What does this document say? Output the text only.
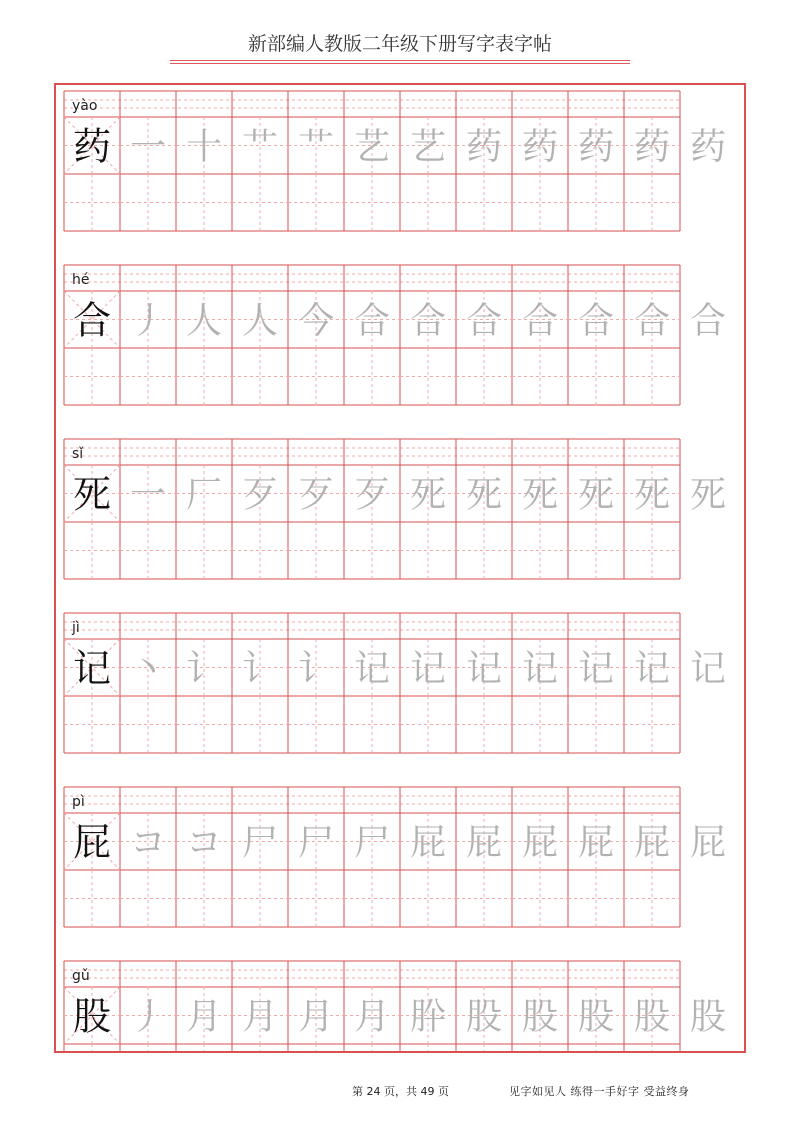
新部编人教版二年级下册写字表字帖
yào
药 一 十 艹 艹 艺 艺 药 药 药 药 药
hé
合 丿 人 人 今 合 合 合 合 合 合 合
sǐ
死 一 厂 歹 歹 歹 死 死 死 死 死 死
jì
记 丶 讠 讠 讠 记 记 记 记 记 记 记
pì
屁 コ コ 尸 尸 尸 屁 屁 屁 屁 屁 屁
gǔ
股 丿 月 月 月 月 肸 股 股 股 股 股
第 24 页，共 49 页	见字如见人 练得一手好字 受益终身
